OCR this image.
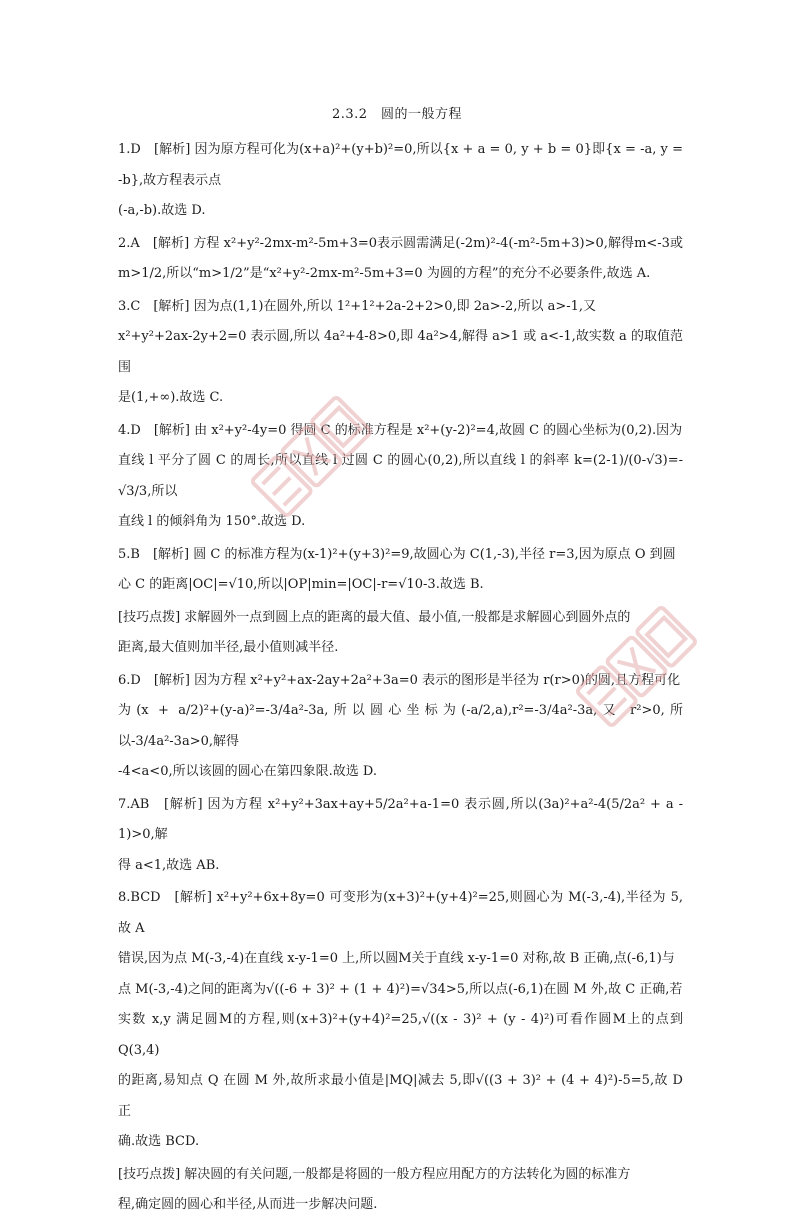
2.3.2　圆的一般方程

1.D　[解析] 因为原方程可化为(x+a)²+(y+b)²=0,所以{x + a = 0, y + b = 0}即{x = -a, y = -b},故方程表示点
(-a,-b).故选 D.

2.A　[解析] 方程 x²+y²-2mx-m²-5m+3=0表示圆需满足(-2m)²-4(-m²-5m+3)>0,解得m<-3或m>1/2,所以“m>1/2”是“x²+y²-2mx-m²-5m+3=0 为圆的方程”的充分不必要条件,故选 A.

3.C　[解析] 因为点(1,1)在圆外,所以 1²+1²+2a-2+2>0,即 2a>-2,所以 a>-1,又
x²+y²+2ax-2y+2=0 表示圆,所以 4a²+4-8>0,即 4a²>4,解得 a>1 或 a<-1,故实数 a 的取值范围
是(1,+∞).故选 C.

4.D　[解析] 由 x²+y²-4y=0 得圆 C 的标准方程是 x²+(y-2)²=4,故圆 C 的圆心坐标为(0,2).因为
直线 l 平分了圆 C 的周长,所以直线 l 过圆 C 的圆心(0,2),所以直线 l 的斜率 k=(2-1)/(0-√3)=-√3/3,所以
直线 l 的倾斜角为 150°.故选 D.

5.B　[解析] 圆 C 的标准方程为(x-1)²+(y+3)²=9,故圆心为 C(1,-3),半径 r=3,因为原点 O 到圆
心 C 的距离|OC|=√10,所以|OP|min=|OC|-r=√10-3.故选 B.

[技巧点拨] 求解圆外一点到圆上点的距离的最大值、最小值,一般都是求解圆心到圆外点的
距离,最大值则加半径,最小值则减半径.

6.D　[解析] 因为方程 x²+y²+ax-2ay+2a²+3a=0 表示的图形是半径为 r(r>0)的圆,且方程可化
为(x + a/2)²+(y-a)²=-3/4a²-3a,所以圆心坐标为(-a/2,a),r²=-3/4a²-3a,又 r²>0,所以-3/4a²-3a>0,解得
-4<a<0,所以该圆的圆心在第四象限.故选 D.

7.AB　[解析] 因为方程 x²+y²+3ax+ay+5/2a²+a-1=0 表示圆,所以(3a)²+a²-4(5/2a² + a - 1)>0,解
得 a<1,故选 AB.

8.BCD　[解析] x²+y²+6x+8y=0 可变形为(x+3)²+(y+4)²=25,则圆心为 M(-3,-4),半径为 5,故 A
错误,因为点 M(-3,-4)在直线 x-y-1=0 上,所以圆M关于直线 x-y-1=0 对称,故 B 正确,点(-6,1)与
点 M(-3,-4)之间的距离为√((-6 + 3)² + (1 + 4)²)=√34>5,所以点(-6,1)在圆 M 外,故 C 正确,若
实数 x,y 满足圆M的方程,则(x+3)²+(y+4)²=25,√((x - 3)² + (y - 4)²)可看作圆M上的点到 Q(3,4)
的距离,易知点 Q 在圆 M 外,故所求最小值是|MQ|减去 5,即√((3 + 3)² + (4 + 4)²)-5=5,故 D 正
确.故选 BCD.

[技巧点拨] 解决圆的有关问题,一般都是将圆的一般方程应用配方的方法转化为圆的标准方
程,确定圆的圆心和半径,从而进一步解决问题.
